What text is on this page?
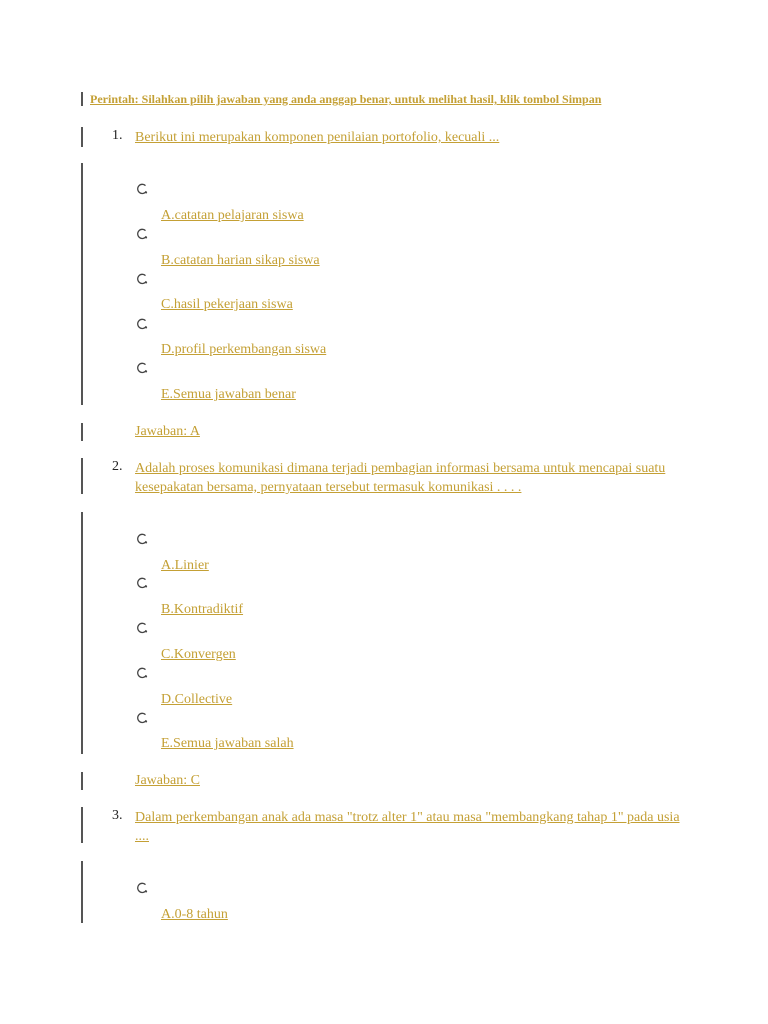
Perintah: Silahkan pilih jawaban yang anda anggap benar, untuk melihat hasil, klik tombol Simpan
1. Berikut ini merupakan komponen penilaian portofolio, kecuali ...
A.catatan pelajaran siswa
B.catatan harian sikap siswa
C.hasil pekerjaan siswa
D.profil perkembangan siswa
E.Semua jawaban benar
Jawaban: A
2. Adalah proses komunikasi dimana terjadi pembagian informasi bersama untuk mencapai suatu kesepakatan bersama, pernyataan tersebut termasuk komunikasi . . . .
A.Linier
B.Kontradiktif
C.Konvergen
D.Collective
E.Semua jawaban salah
Jawaban: C
3. Dalam perkembangan anak ada masa "trotz alter 1" atau masa "membangkang tahap 1" pada usia ....
A.0-8 tahun
